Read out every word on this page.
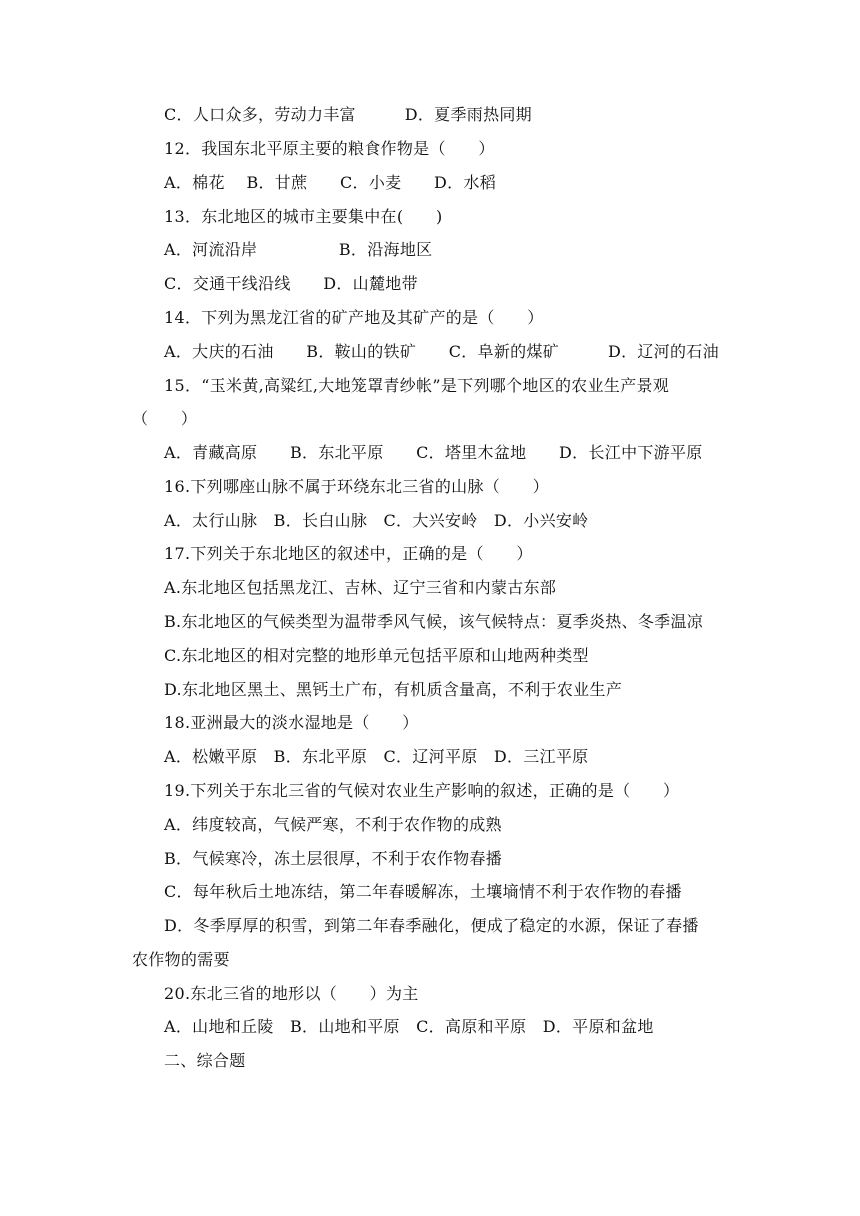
C．人口众多，劳动力丰富　　　D．夏季雨热同期
12．我国东北平原主要的粮食作物是（　　）
A．棉花　 B．甘蔗　　C．小麦　　D．水稻
13．东北地区的城市主要集中在(　　)
A．河流沿岸　　　　　B．沿海地区
C．交通干线沿线　　D．山麓地带
14．下列为黑龙江省的矿产地及其矿产的是（　　）
A．大庆的石油　　B．鞍山的铁矿　　C．阜新的煤矿　　　D．辽河的石油
15．“玉米黄,高粱红,大地笼罩青纱帐”是下列哪个地区的农业生产景观
（　　）
A．青藏高原　　B．东北平原　　C．塔里木盆地　　D．长江中下游平原
16.下列哪座山脉不属于环绕东北三省的山脉（　　）
A．太行山脉　B．长白山脉　C．大兴安岭　D．小兴安岭
17.下列关于东北地区的叙述中，正确的是（　　）
A.东北地区包括黑龙江、吉林、辽宁三省和内蒙古东部
B.东北地区的气候类型为温带季风气候，该气候特点：夏季炎热、冬季温凉
C.东北地区的相对完整的地形单元包括平原和山地两种类型
D.东北地区黑土、黑钙土广布，有机质含量高，不利于农业生产
18.亚洲最大的淡水湿地是（　　）
A．松嫩平原　B．东北平原　C．辽河平原　D．三江平原
19.下列关于东北三省的气候对农业生产影响的叙述，正确的是（　　）
A．纬度较高，气候严寒，不利于农作物的成熟
B．气候寒冷，冻土层很厚，不利于农作物春播
C．每年秋后土地冻结，第二年春暖解冻，土壤墒情不利于农作物的春播
D．冬季厚厚的积雪，到第二年春季融化，便成了稳定的水源，保证了春播
农作物的需要
20.东北三省的地形以（　　）为主
A．山地和丘陵　B．山地和平原　C．高原和平原　D．平原和盆地
二、综合题
